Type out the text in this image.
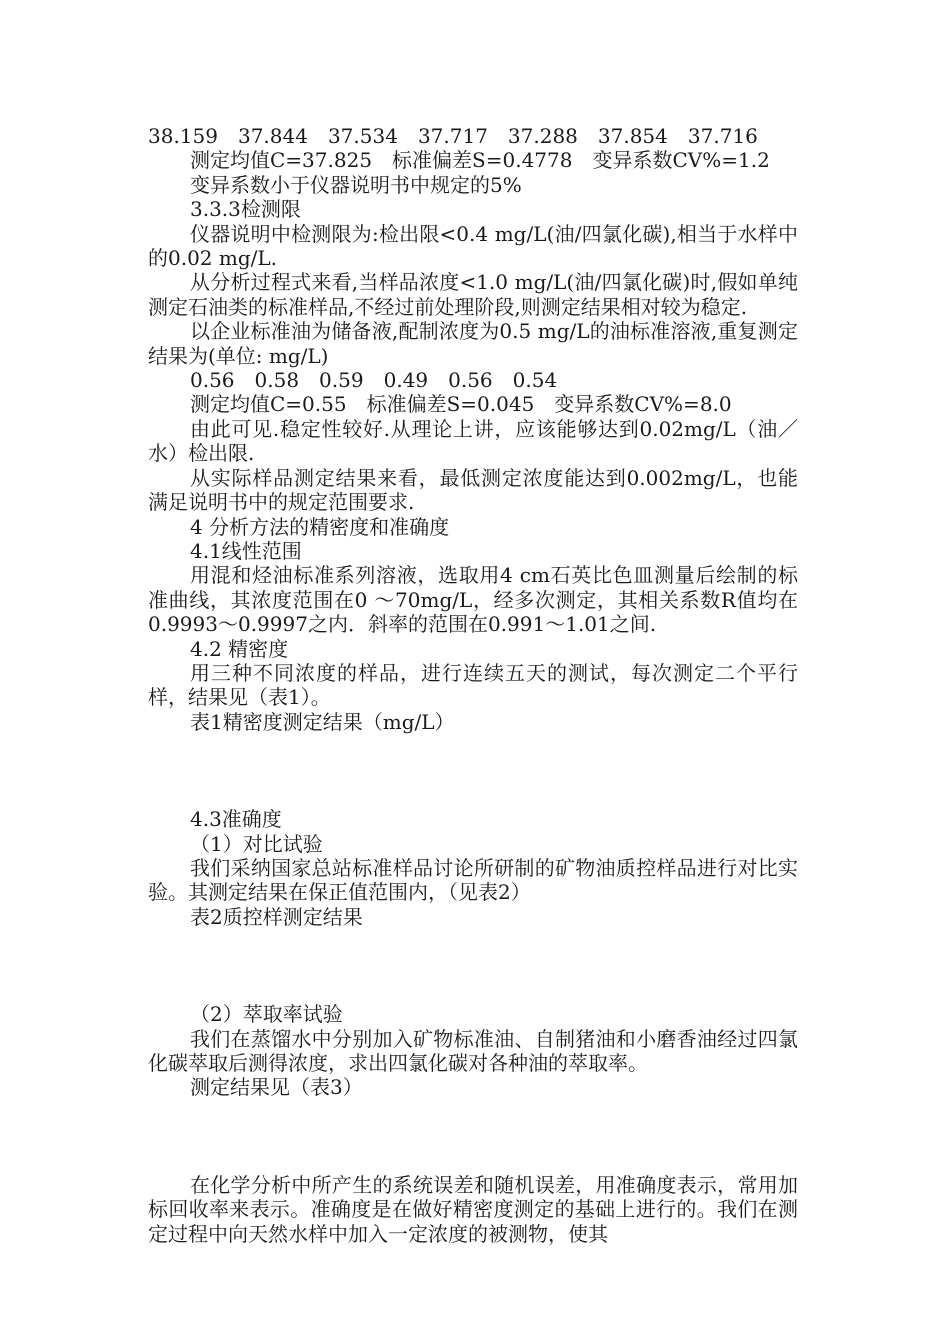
38.159　37.844　37.534　37.717　37.288　37.854　37.716

测定均值C=37.825　标准偏差S=0.4778　变异系数CV%=1.2

变异系数小于仪器说明书中规定的5%

3.3.3检测限

仪器说明中检测限为:检出限<0.4 mg/L(油/四氯化碳),相当于水样中的0.02 mg/L.

从分析过程式来看,当样品浓度<1.0 mg/L(油/四氯化碳)时,假如单纯测定石油类的标准样品,不经过前处理阶段,则测定结果相对较为稳定.

以企业标准油为储备液,配制浓度为0.5 mg/L的油标准溶液,重复测定结果为(单位: mg/L)

0.56　0.58　0.59　0.49　0.56　0.54

测定均值C=0.55　标准偏差S=0.045　变异系数CV%=8.0

由此可见.稳定性较好.从理论上讲，应该能够达到0.02mg/L（油／水）检出限.

从实际样品测定结果来看，最低测定浓度能达到0.002mg/L，也能满足说明书中的规定范围要求.

4 分析方法的精密度和准确度

4.1线性范围

用混和烃油标准系列溶液，选取用4 cm石英比色皿测量后绘制的标准曲线，其浓度范围在0 ～70mg/L，经多次测定，其相关系数R值均在0.9993～0.9997之内．斜率的范围在0.991～1.01之间.

4.2 精密度

用三种不同浓度的样品，进行连续五天的测试，每次测定二个平行样，结果见（表1）。

表1精密度测定结果（mg/L）

4.3准确度

（1）对比试验

我们采纳国家总站标准样品讨论所研制的矿物油质控样品进行对比实验。其测定结果在保正值范围内，（见表2）

表2质控样测定结果

（2）萃取率试验

我们在蒸馏水中分别加入矿物标准油、自制猪油和小磨香油经过四氯化碳萃取后测得浓度，求出四氯化碳对各种油的萃取率。

测定结果见（表3）

在化学分析中所产生的系统误差和随机误差，用准确度表示，常用加标回收率来表示。准确度是在做好精密度测定的基础上进行的。我们在测定过程中向天然水样中加入一定浓度的被测物，使其
